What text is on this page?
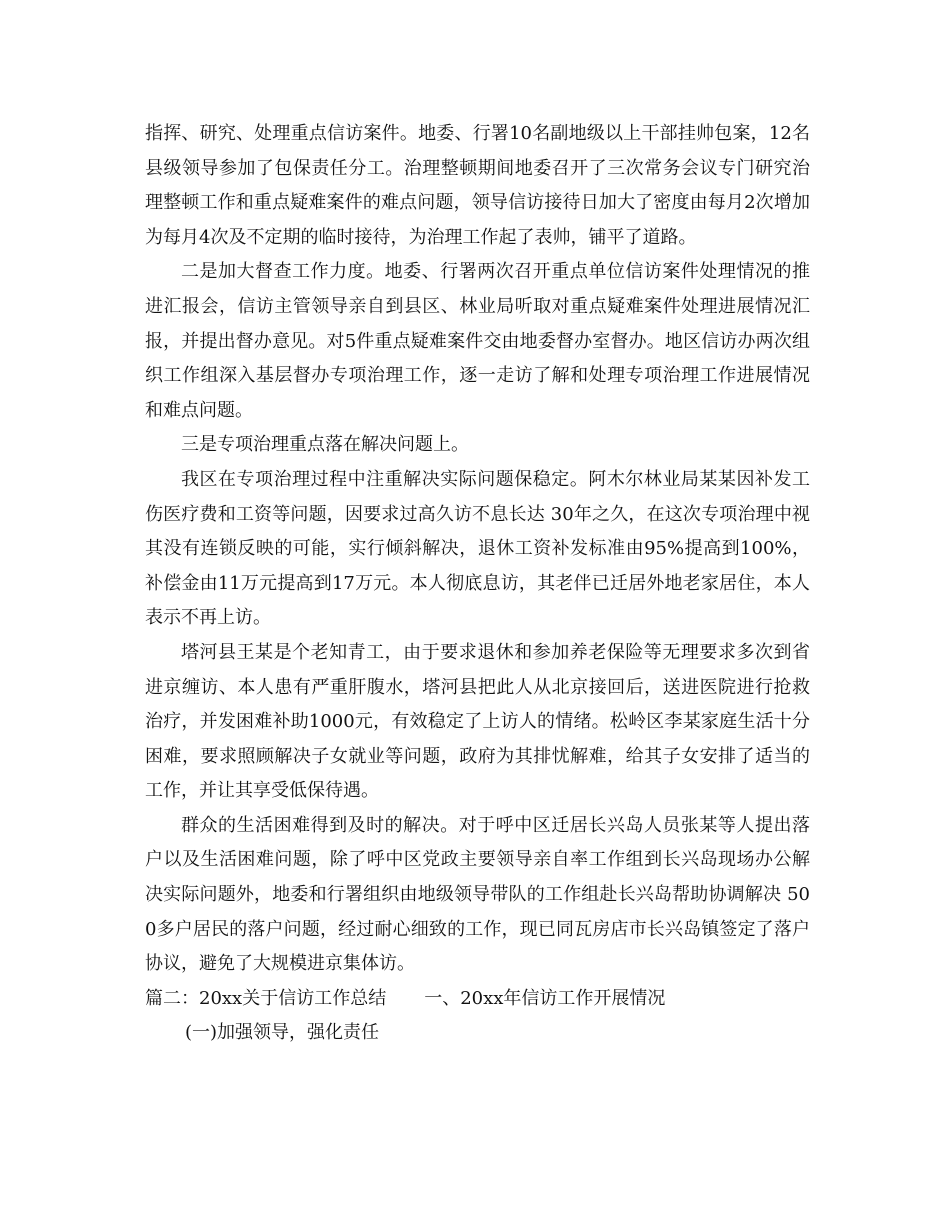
指挥、研究、处理重点信访案件。地委、行署10名副地级以上干部挂帅包案，12名县级领导参加了包保责任分工。治理整顿期间地委召开了三次常务会议专门研究治理整顿工作和重点疑难案件的难点问题，领导信访接待日加大了密度由每月2次增加为每月4次及不定期的临时接待，为治理工作起了表帅，铺平了道路。

二是加大督查工作力度。地委、行署两次召开重点单位信访案件处理情况的推进汇报会，信访主管领导亲自到县区、林业局听取对重点疑难案件处理进展情况汇报，并提出督办意见。对5件重点疑难案件交由地委督办室督办。地区信访办两次组织工作组深入基层督办专项治理工作，逐一走访了解和处理专项治理工作进展情况和难点问题。

三是专项治理重点落在解决问题上。

我区在专项治理过程中注重解决实际问题保稳定。阿木尔林业局某某因补发工伤医疗费和工资等问题，因要求过高久访不息长达 30年之久，在这次专项治理中视其没有连锁反映的可能，实行倾斜解决，退休工资补发标准由95%提高到100%，补偿金由11万元提高到17万元。本人彻底息访，其老伴已迁居外地老家居住，本人表示不再上访。

塔河县王某是个老知青工，由于要求退休和参加养老保险等无理要求多次到省进京缠访、本人患有严重肝腹水，塔河县把此人从北京接回后，送进医院进行抢救治疗，并发困难补助1000元，有效稳定了上访人的情绪。松岭区李某家庭生活十分困难，要求照顾解决子女就业等问题，政府为其排忧解难，给其子女安排了适当的工作，并让其享受低保待遇。

群众的生活困难得到及时的解决。对于呼中区迁居长兴岛人员张某等人提出落户以及生活困难问题，除了呼中区党政主要领导亲自率工作组到长兴岛现场办公解决实际问题外，地委和行署组织由地级领导带队的工作组赴长兴岛帮助协调解决 500多户居民的落户问题，经过耐心细致的工作，现已同瓦房店市长兴岛镇签定了落户协议，避免了大规模进京集体访。

篇二：20xx关于信访工作总结 一、20xx年信访工作开展情况

(一)加强领导，强化责任
